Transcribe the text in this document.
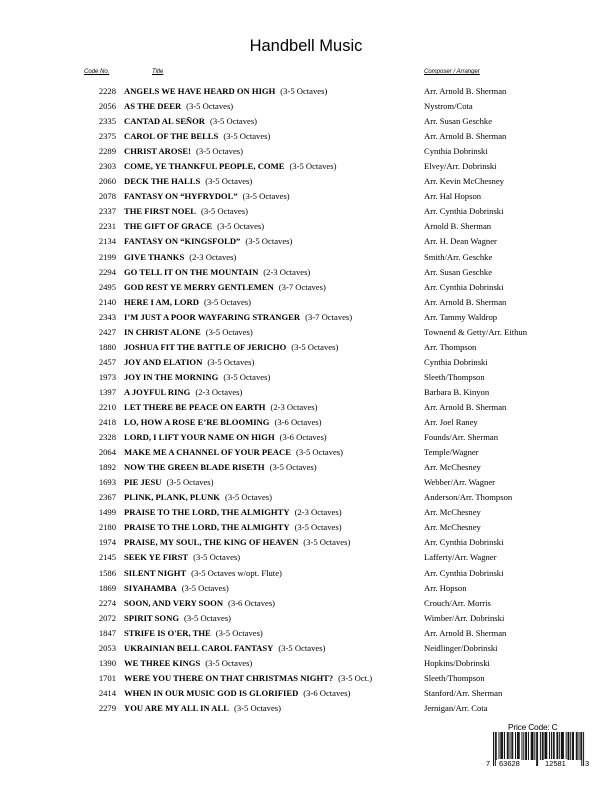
Handbell Music
Code No.	Title	Composer / Arranger
2228 ANGELS WE HAVE HEARD ON HIGH (3-5 Octaves)	Arr. Arnold B. Sherman
2056 AS THE DEER (3-5 Octaves)	Nystrom/Cota
2335 CANTAD AL SEÑOR (3-5 Octaves)	Arr. Susan Geschke
2375 CAROL OF THE BELLS (3-5 Octaves)	Arr. Arnold B. Sherman
2289 CHRIST AROSE! (3-5 Octaves)	Cynthia Dobrinski
2303 COME, YE THANKFUL PEOPLE, COME (3-5 Octaves)	Elvey/Arr. Dobrinski
2060 DECK THE HALLS (3-5 Octaves)	Arr. Kevin McChesney
2078 FANTASY ON “HYFRYDOL” (3-5 Octaves)	Arr. Hal Hopson
2337 THE FIRST NOEL (3-5 Octaves)	Arr. Cynthia Dobrinski
2231 THE GIFT OF GRACE (3-5 Octaves)	Arnold B. Sherman
2134 FANTASY ON “KINGSFOLD” (3-5 Octaves)	Arr. H. Dean Wagner
2199 GIVE THANKS (2-3 Octaves)	Smith/Arr. Geschke
2294 GO TELL IT ON THE MOUNTAIN (2-3 Octaves)	Arr. Susan Geschke
2495 GOD REST YE MERRY GENTLEMEN (3-7 Octaves)	Arr. Cynthia Dobrinski
2140 HERE I AM, LORD (3-5 Octaves)	Arr. Arnold B. Sherman
2343 I’M JUST A POOR WAYFARING STRANGER (3-7 Octaves)	Arr. Tammy Waldrop
2427 IN CHRIST ALONE (3-5 Octaves)	Townend & Getty/Arr. Eithun
1880 JOSHUA FIT THE BATTLE OF JERICHO (3-5 Octaves)	Arr. Thompson
2457 JOY AND ELATION (3-5 Octaves)	Cynthia Dobrinski
1973 JOY IN THE MORNING (3-5 Octaves)	Sleeth/Thompson
1397 A JOYFUL RING (2-3 Octaves)	Barbara B. Kinyon
2210 LET THERE BE PEACE ON EARTH (2-3 Octaves)	Arr. Arnold B. Sherman
2418 LO, HOW A ROSE E’RE BLOOMING (3-6 Octaves)	Arr. Joel Raney
2328 LORD, I LIFT YOUR NAME ON HIGH (3-6 Octaves)	Founds/Arr. Sherman
2064 MAKE ME A CHANNEL OF YOUR PEACE (3-5 Octaves)	Temple/Wagner
1892 NOW THE GREEN BLADE RISETH (3-5 Octaves)	Arr. McChesney
1693 PIE JESU (3-5 Octaves)	Webber/Arr. Wagner
2367 PLINK, PLANK, PLUNK (3-5 Octaves)	Anderson/Arr. Thompson
1499 PRAISE TO THE LORD, THE ALMIGHTY (2-3 Octaves)	Arr. McChesney
2180 PRAISE TO THE LORD, THE ALMIGHTY (3-5 Octaves)	Arr. McChesney
1974 PRAISE, MY SOUL, THE KING OF HEAVEN (3-5 Octaves)	Arr. Cynthia Dobrinski
2145 SEEK YE FIRST (3-5 Octaves)	Lafferty/Arr. Wagner
1586 SILENT NIGHT (3-5 Octaves w/opt. Flute)	Arr. Cynthia Dobrinski
1869 SIYAHAMBA (3-5 Octaves)	Arr. Hopson
2274 SOON, AND VERY SOON (3-6 Octaves)	Crouch/Arr. Morris
2072 SPIRIT SONG (3-5 Octaves)	Wimber/Arr. Dobrinski
1847 STRIFE IS O'ER, THE (3-5 Octaves)	Arr. Arnold B. Sherman
2053 UKRAINIAN BELL CAROL FANTASY (3-5 Octaves)	Neidlinger/Dobrinski
1390 WE THREE KINGS (3-5 Octaves)	Hopkins/Dobrinski
1701 WERE YOU THERE ON THAT CHRISTMAS NIGHT? (3-5 Oct.)	Sleeth/Thompson
2414 WHEN IN OUR MUSIC GOD IS GLORIFIED (3-6 Octaves)	Stanford/Arr. Sherman
2279 YOU ARE MY ALL IN ALL (3-5 Octaves)	Jernigan/Arr. Cota
Price Code: C
7 63628	12581	3
